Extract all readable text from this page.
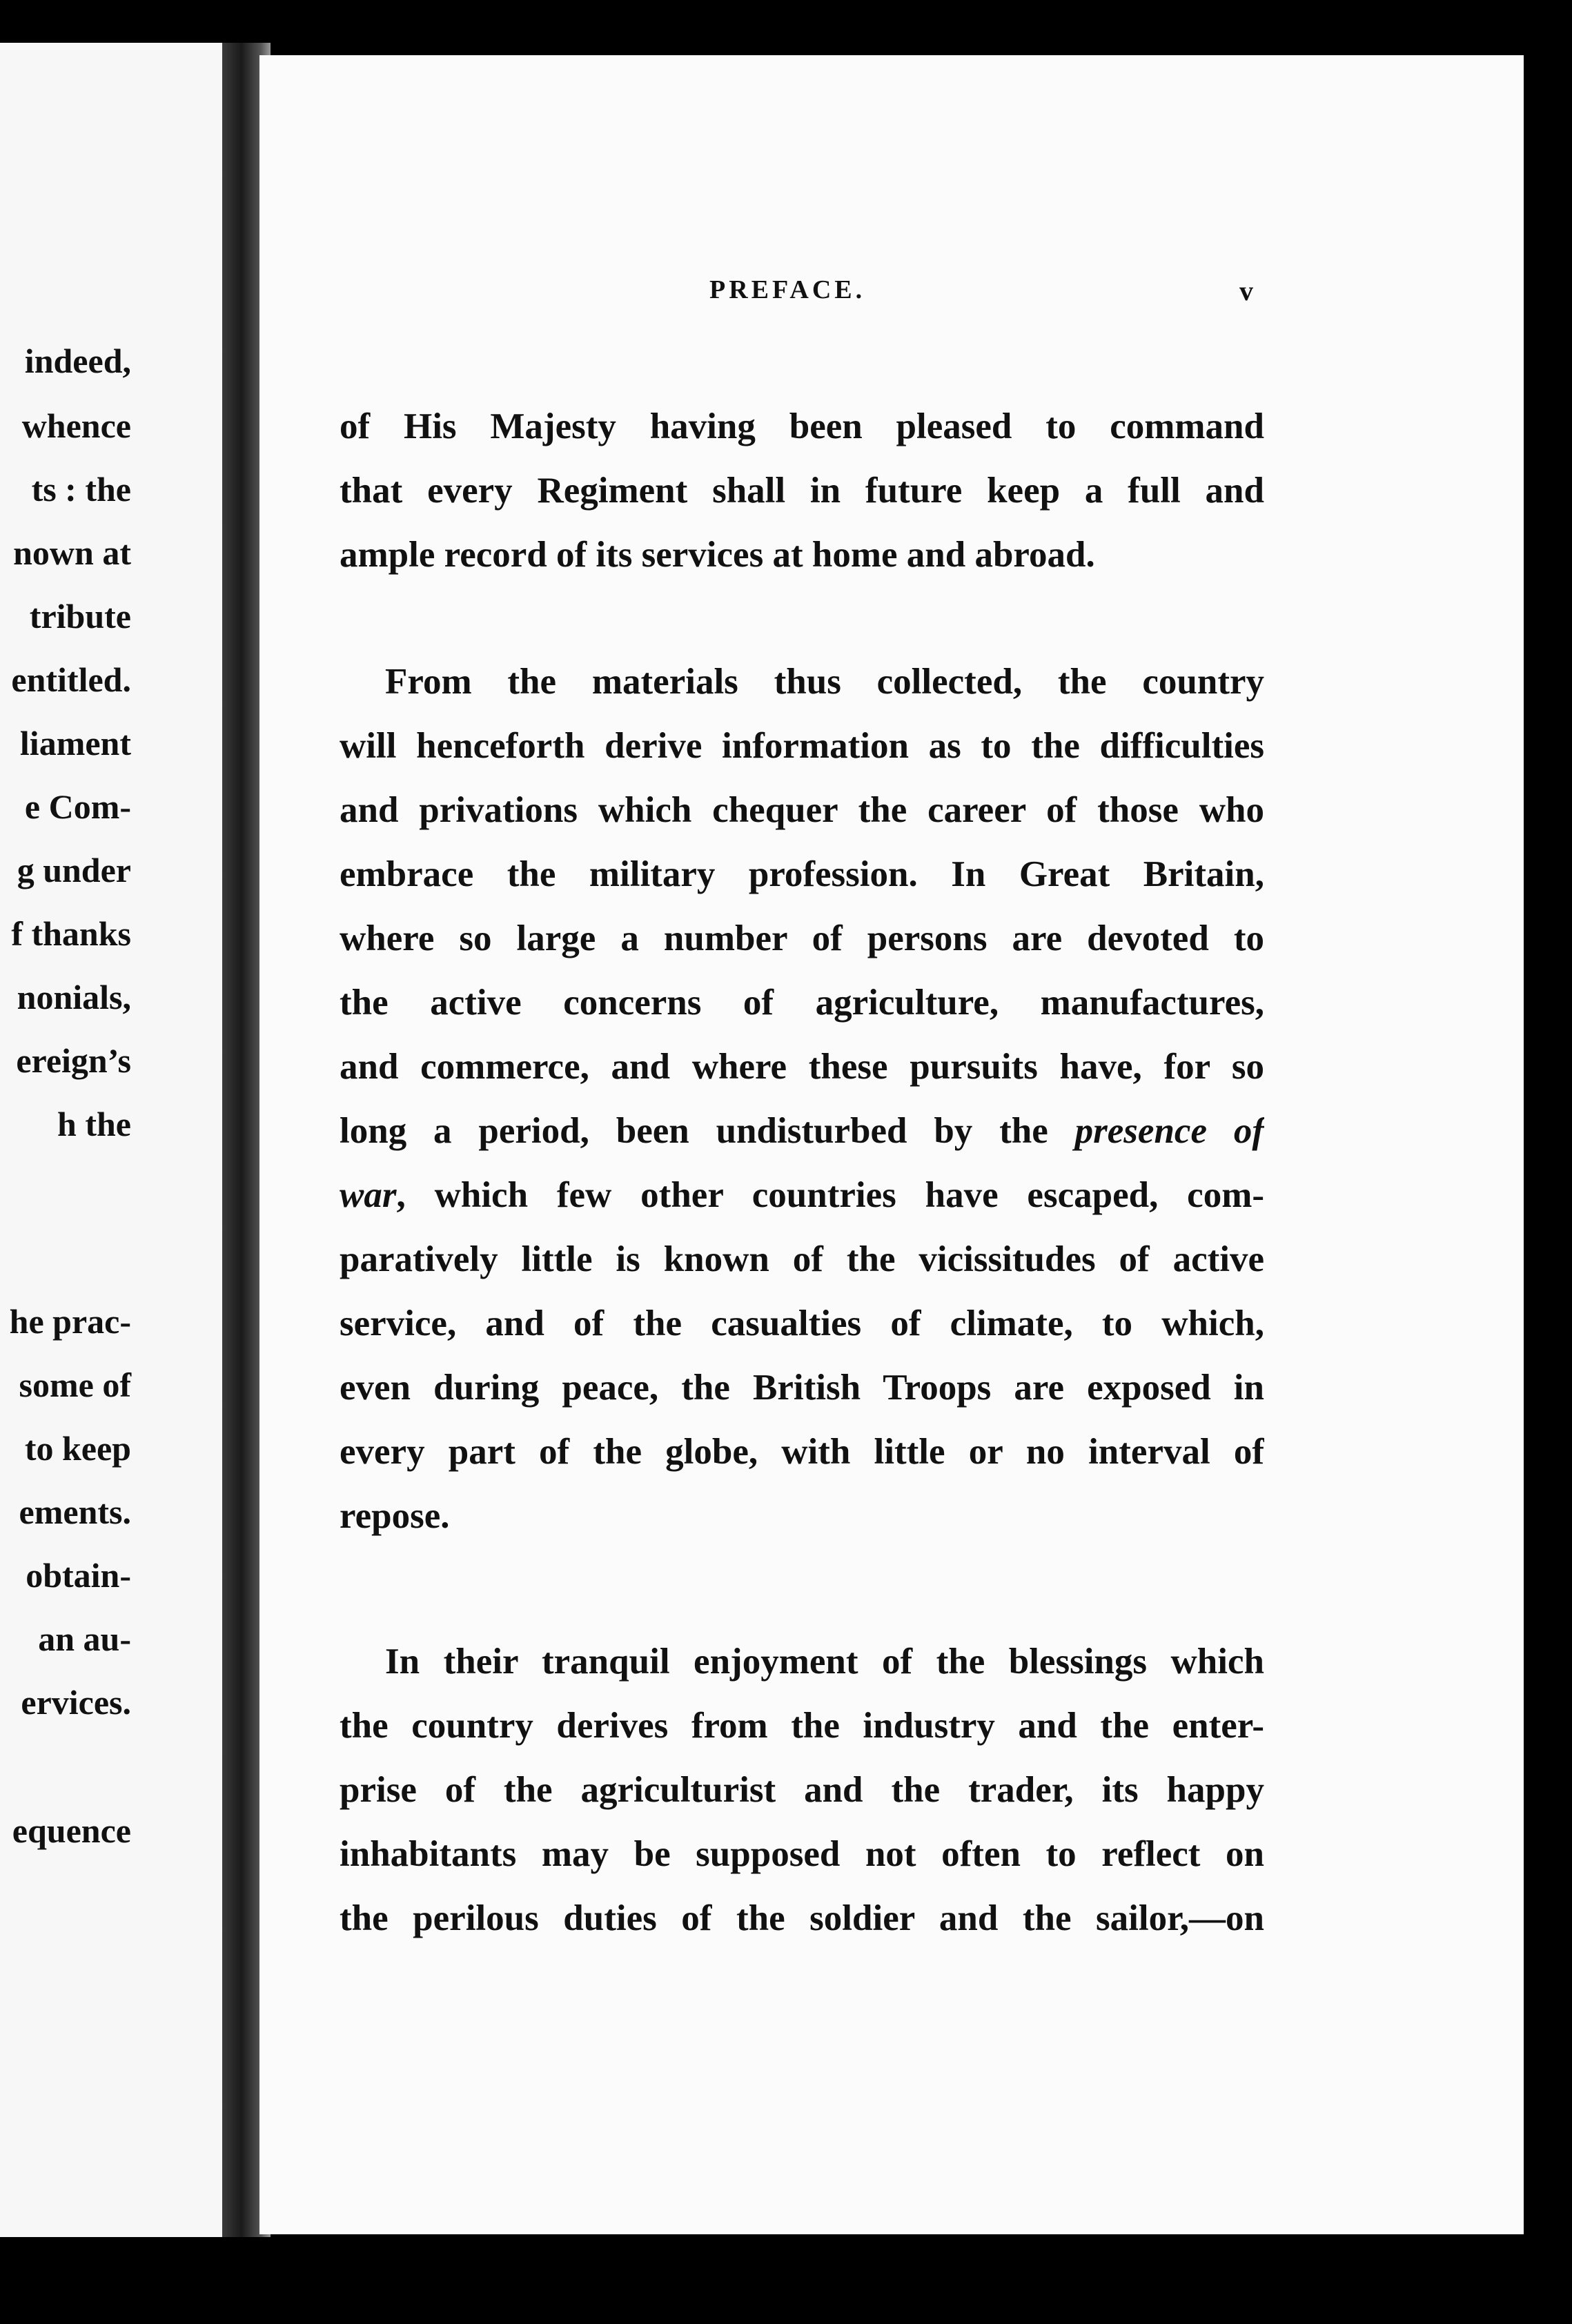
indeed,
whence
ts : the
nown at
tribute
entitled.
liament
e Com-
g under
f thanks
nonials,
ereign’s
h the
he prac-
some of
to keep
ements.
obtain-
an au-
ervices.
equence
PREFACE.	v
of His Majesty having been pleased to command
that every Regiment shall in future keep a full and
ample record of its services at home and abroad.
From the materials thus collected, the country
will henceforth derive information as to the difficulties
and privations which chequer the career of those who
embrace the military profession. In Great Britain,
where so large a number of persons are devoted to
the active concerns of agriculture, manufactures,
and commerce, and where these pursuits have, for so
long a period, been undisturbed by the presence of
war, which few other countries have escaped, com-
paratively little is known of the vicissitudes of active
service, and of the casualties of climate, to which,
even during peace, the British Troops are exposed in
every part of the globe, with little or no interval of
repose.
In their tranquil enjoyment of the blessings which
the country derives from the industry and the enter-
prise of the agriculturist and the trader, its happy
inhabitants may be supposed not often to reflect on
the perilous duties of the soldier and the sailor,—on
